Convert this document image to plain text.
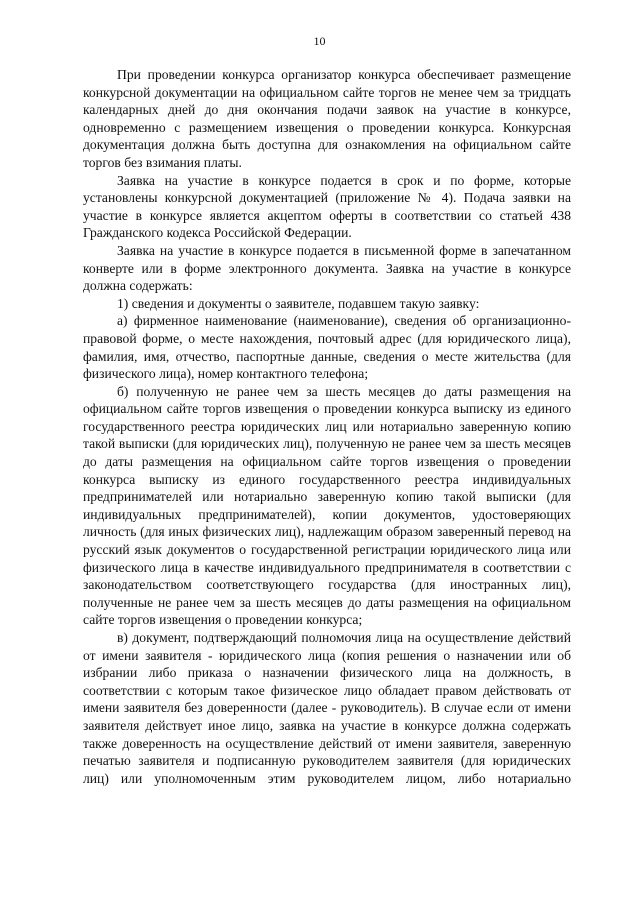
10

При проведении конкурса организатор конкурса обеспечивает размещение конкурсной документации на официальном сайте торгов не менее чем за тридцать календарных дней до дня окончания подачи заявок на участие в конкурсе, одновременно с размещением извещения о проведении конкурса. Конкурсная документация должна быть доступна для ознакомления на официальном сайте торгов без взимания платы.

Заявка на участие в конкурсе подается в срок и по форме, которые установлены конкурсной документацией (приложение № 4). Подача заявки на участие в конкурсе является акцептом оферты в соответствии со статьей 438 Гражданского кодекса Российской Федерации.

Заявка на участие в конкурсе подается в письменной форме в запечатанном конверте или в форме электронного документа. Заявка на участие в конкурсе должна содержать:

1) сведения и документы о заявителе, подавшем такую заявку:

а) фирменное наименование (наименование), сведения об организационно-правовой форме, о месте нахождения, почтовый адрес (для юридического лица), фамилия, имя, отчество, паспортные данные, сведения о месте жительства (для физического лица), номер контактного телефона;

б) полученную не ранее чем за шесть месяцев до даты размещения на официальном сайте торгов извещения о проведении конкурса выписку из единого государственного реестра юридических лиц или нотариально заверенную копию такой выписки (для юридических лиц), полученную не ранее чем за шесть месяцев до даты размещения на официальном сайте торгов извещения о проведении конкурса выписку из единого государственного реестра индивидуальных предпринимателей или нотариально заверенную копию такой выписки (для индивидуальных предпринимателей), копии документов, удостоверяющих личность (для иных физических лиц), надлежащим образом заверенный перевод на русский язык документов о государственной регистрации юридического лица или физического лица в качестве индивидуального предпринимателя в соответствии с законодательством соответствующего государства (для иностранных лиц), полученные не ранее чем за шесть месяцев до даты размещения на официальном сайте торгов извещения о проведении конкурса;

в) документ, подтверждающий полномочия лица на осуществление действий от имени заявителя - юридического лица (копия решения о назначении или об избрании либо приказа о назначении физического лица на должность, в соответствии с которым такое физическое лицо обладает правом действовать от имени заявителя без доверенности (далее - руководитель). В случае если от имени заявителя действует иное лицо, заявка на участие в конкурсе должна содержать также доверенность на осуществление действий от имени заявителя, заверенную печатью заявителя и подписанную руководителем заявителя (для юридических лиц) или уполномоченным этим руководителем лицом, либо нотариально
